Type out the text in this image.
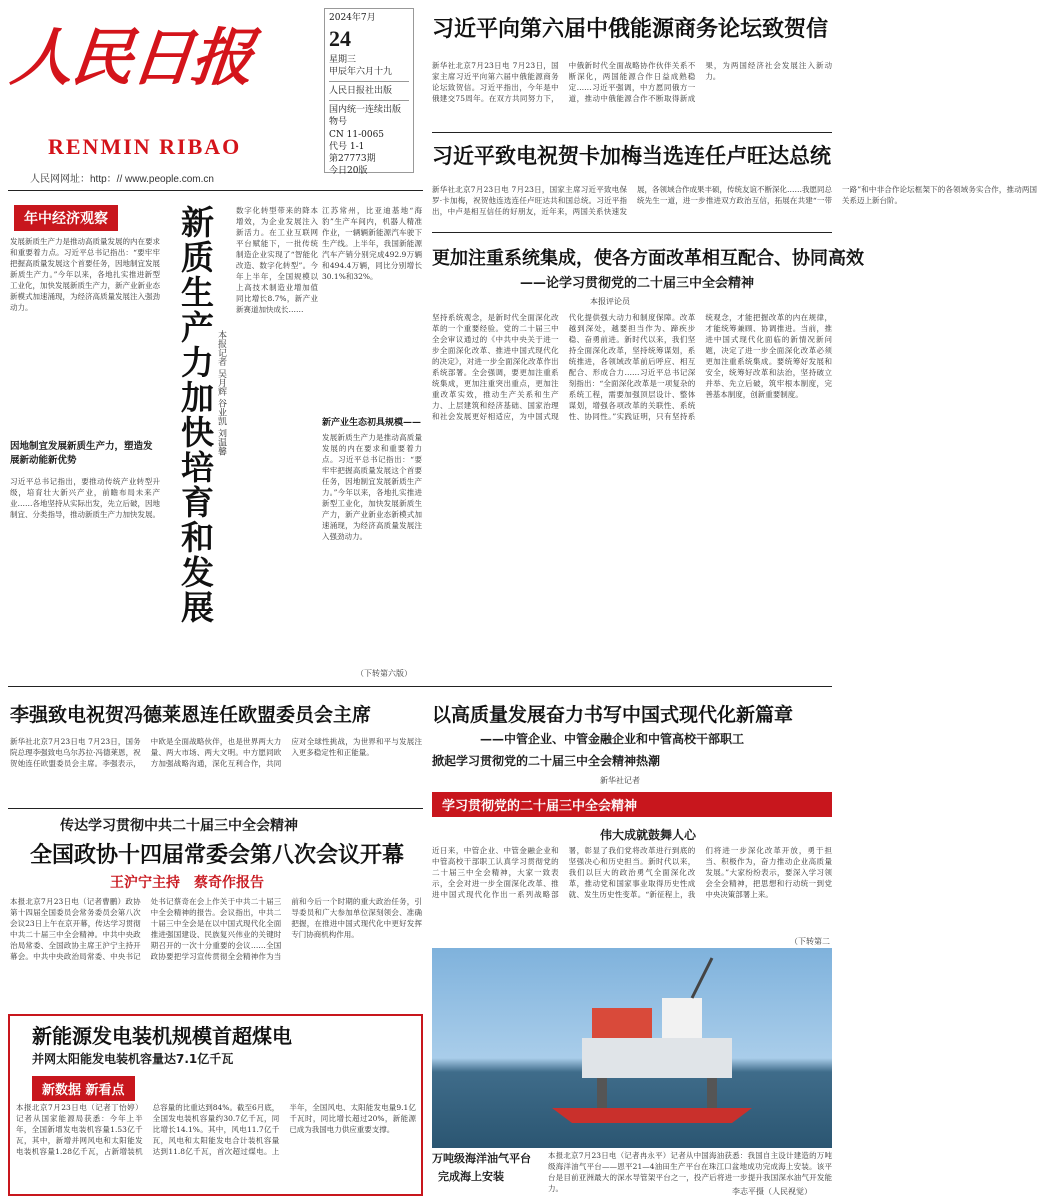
人民日报
RENMIN RIBAO
人民网网址：http：// www.people.com.cn
2024年7月
24
星期三
甲辰年六月十九
人民日报社出版
国内统一连续出版物号
CN 11-0065
代号 1-1
第27773期
今日20版
习近平向第六届中俄能源商务论坛致贺信
新华社北京7月23日电 7月23日，国家主席习近平向第六届中俄能源商务论坛致贺信。习近平指出，今年是中俄建交75周年。在双方共同努力下，中俄新时代全面战略协作伙伴关系不断深化，两国能源合作日益成熟稳定……习近平强调，中方愿同俄方一道，推动中俄能源合作不断取得新成果，为两国经济社会发展注入新动力。
习近平致电祝贺卡加梅当选连任卢旺达总统
新华社北京7月23日电 7月23日，国家主席习近平致电保罗·卡加梅，祝贺他连选连任卢旺达共和国总统。习近平指出，中卢是相互信任的好朋友，近年来，两国关系快速发展，各领域合作成果丰硕，传统友谊不断深化……我愿同总统先生一道，进一步推进双方政治互信，拓展在共建“一带一路”和中非合作论坛框架下的各领域务实合作，推动两国关系迈上新台阶。
年中经济观察
发展新质生产力是推动高质量发展的内在要求和重要着力点。习近平总书记指出：“要牢牢把握高质量发展这个首要任务，因地制宜发展新质生产力。”今年以来，各地扎实推进新型工业化，加快发展新质生产力，新产业新业态新模式加速涌现，为经济高质量发展注入强劲动力。
因地制宜发展新质生产力，塑造发展新动能新优势
习近平总书记指出，要推动传统产业转型升级，培育壮大新兴产业，前瞻布局未来产业……各地坚持从实际出发，先立后破，因地制宜、分类指导，推动新质生产力加快发展。 新质生产力加快培育和发展 本报记者 吴月辉 谷业凯 刘温馨
数字化转型带来的降本增效，为企业发展注入新活力。在工业互联网平台赋能下，一批传统制造企业实现了“智能化改造、数字化转型”。今年上半年，全国规模以上高技术制造业增加值同比增长8.7%，新产业新赛道加快成长……
江苏常州，比亚迪基地“海豹”生产车间内，机器人精准作业，一辆辆新能源汽车驶下生产线。上半年，我国新能源汽车产销分别完成492.9万辆和494.4万辆，同比分别增长30.1%和32%。
新产业生态初具规模——
发展新质生产力是推动高质量发展的内在要求和重要着力点。习近平总书记指出：“要牢牢把握高质量发展这个首要任务，因地制宜发展新质生产力。”今年以来，各地扎实推进新型工业化，加快发展新质生产力，新产业新业态新模式加速涌现，为经济高质量发展注入强劲动力。
（下转第六版）
更加注重系统集成，使各方面改革相互配合、协同高效
——论学习贯彻党的二十届三中全会精神
本报评论员
坚持系统观念，是新时代全面深化改革的一个重要经验。党的二十届三中全会审议通过的《中共中央关于进一步全面深化改革、推进中国式现代化的决定》，对进一步全面深化改革作出系统部署。全会强调，要更加注重系统集成，更加注重突出重点，更加注重改革实效，推动生产关系和生产力、上层建筑和经济基础、国家治理和社会发展更好相适应，为中国式现代化提供强大动力和制度保障。改革越到深处，越要担当作为、蹄疾步稳、奋勇前进。新时代以来，我们坚持全面深化改革，坚持统筹谋划，系统推进，各领域改革前后呼应、相互配合、形成合力……习近平总书记深刻指出：“全面深化改革是一项复杂的系统工程，需要加强顶层设计、整体谋划，增强各项改革的关联性、系统性、协同性。”实践证明，只有坚持系统观念，才能把握改革的内在规律，才能统筹兼顾、协调推进。当前，推进中国式现代化面临的新情况新问题，决定了进一步全面深化改革必须更加注重系统集成。要统筹好发展和安全，统筹好改革和法治，坚持破立并举、先立后破，筑牢根本制度，完善基本制度，创新重要制度。
李强致电祝贺冯德莱恩连任欧盟委员会主席
新华社北京7月23日电 7月23日，国务院总理李强致电乌尔苏拉·冯德莱恩，祝贺她连任欧盟委员会主席。李强表示，中欧是全面战略伙伴，也是世界两大力量、两大市场、两大文明。中方愿同欧方加强战略沟通，深化互利合作，共同应对全球性挑战，为世界和平与发展注入更多稳定性和正能量。
以高质量发展奋力书写中国式现代化新篇章
——中管企业、中管金融企业和中管高校干部职工
掀起学习贯彻党的二十届三中全会精神热潮
新华社记者
传达学习贯彻中共二十届三中全会精神
全国政协十四届常委会第八次会议开幕
王沪宁主持　蔡奇作报告
本报北京7月23日电（记者曹鹏）政协第十四届全国委员会常务委员会第八次会议23日上午在京开幕，传达学习贯彻中共二十届三中全会精神。中共中央政治局常委、全国政协主席王沪宁主持开幕会。中共中央政治局常委、中央书记处书记蔡奇在会上作关于中共二十届三中全会精神的报告。会议指出，中共二十届三中全会是在以中国式现代化全面推进强国建设、民族复兴伟业的关键时期召开的一次十分重要的会议……全国政协要把学习宣传贯彻全会精神作为当前和今后一个时期的重大政治任务，引导委员和广大参加单位深刻领会、准确把握，在推进中国式现代化中更好发挥专门协商机构作用。
学习贯彻党的二十届三中全会精神
伟大成就鼓舞人心
近日来，中管企业、中管金融企业和中管高校干部职工认真学习贯彻党的二十届三中全会精神，大家一致表示，全会对进一步全面深化改革、推进中国式现代化作出一系列战略部署，彰显了我们党将改革进行到底的坚强决心和历史担当。新时代以来，我们以巨大的政治勇气全面深化改革，推动党和国家事业取得历史性成就、发生历史性变革。“新征程上，我们将进一步深化改革开放，勇于担当、积极作为，奋力推动企业高质量发展。”大家纷纷表示，要深入学习领会全会精神，把思想和行动统一到党中央决策部署上来。
（下转第二
万吨级海洋油气平台
完成海上安装
本报北京7月23日电（记者冉永平）记者从中国海油获悉：我国自主设计建造的万吨级海洋油气平台——恩平21—4油田生产平台在珠江口盆地成功完成海上安装。该平台是目前亚洲最大的深水导管架平台之一，投产后将进一步提升我国深水油气开发能力。	李志平摄（人民视觉）
新能源发电装机规模首超煤电
并网太阳能发电装机容量达7.1亿千瓦
新数据 新看点
本报北京7月23日电（记者丁怡婷）记者从国家能源局获悉：今年上半年，全国新增发电装机容量1.53亿千瓦，其中，新增并网风电和太阳能发电装机容量1.28亿千瓦，占新增装机总容量的比重达到84%。截至6月底，全国发电装机容量约30.7亿千瓦，同比增长14.1%。其中，风电11.7亿千瓦，风电和太阳能发电合计装机容量达到11.8亿千瓦，首次超过煤电。上半年，全国风电、太阳能发电量9.1亿千瓦时，同比增长超过20%，新能源已成为我国电力供应重要支撑。
